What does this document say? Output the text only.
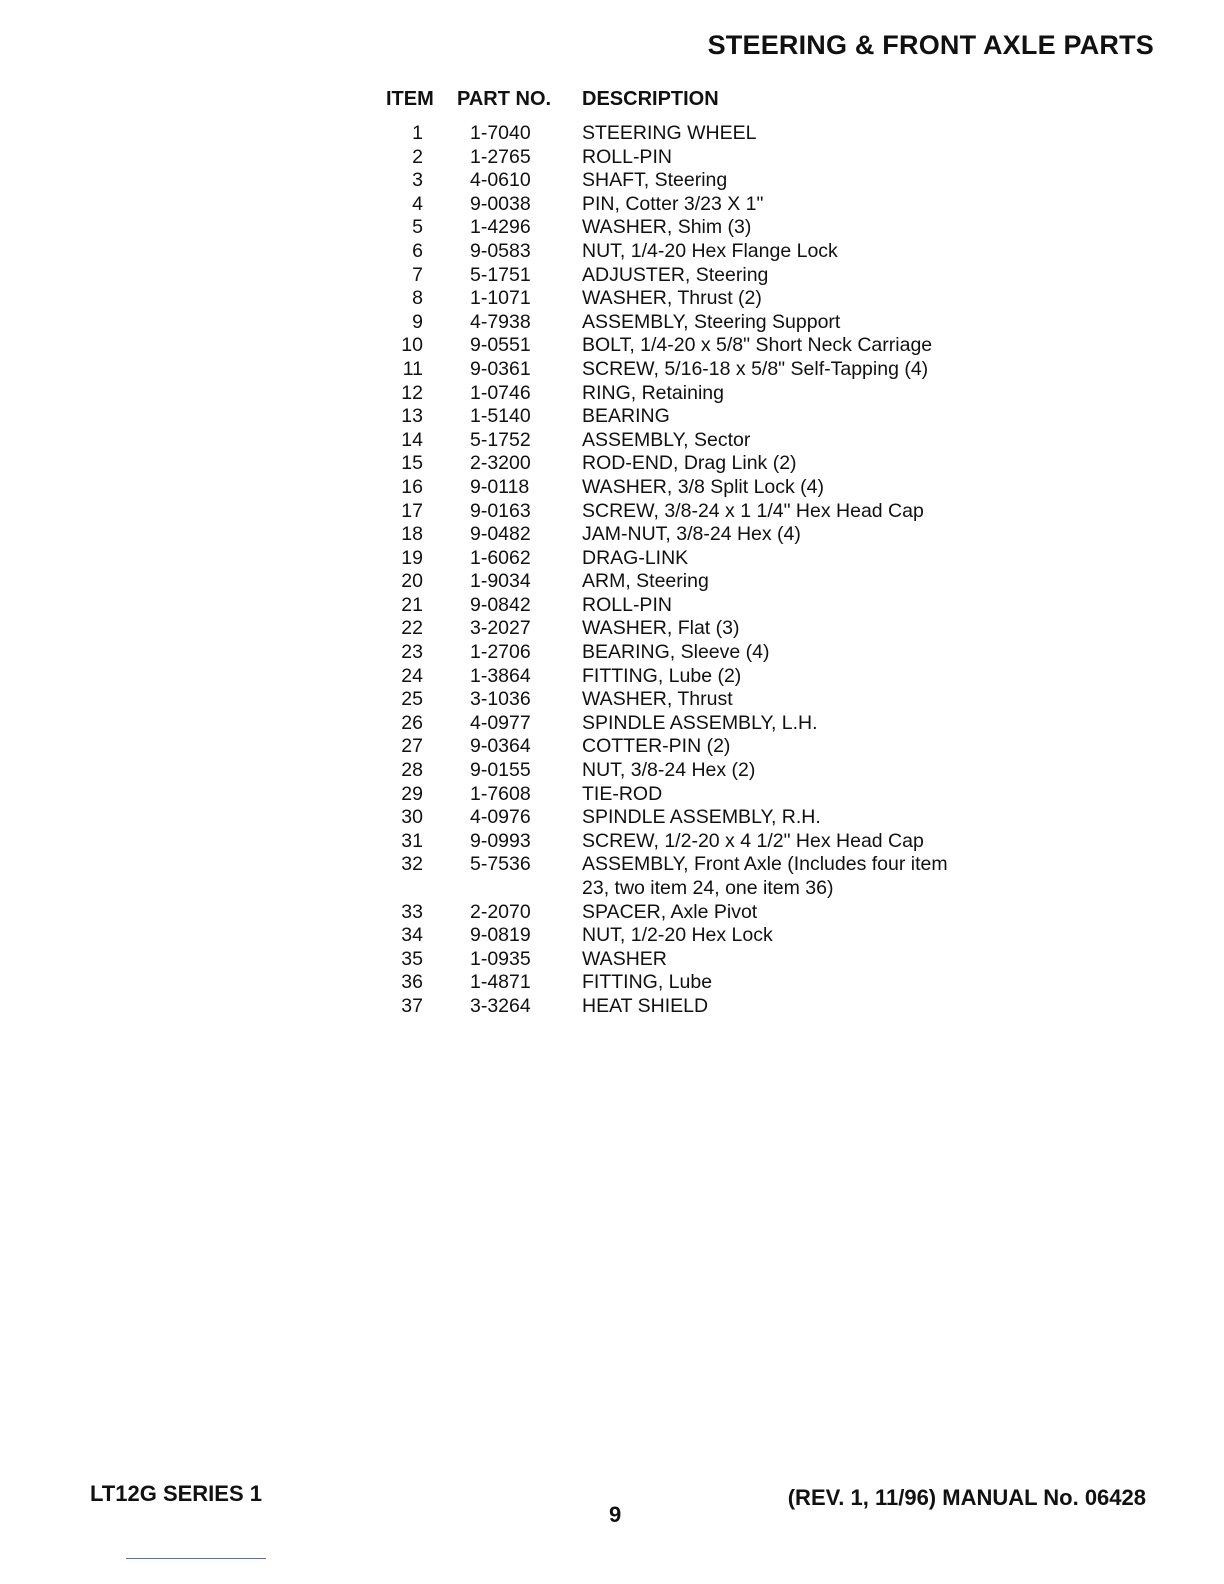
STEERING & FRONT AXLE PARTS
ITEM PART NO. DESCRIPTION
1 1-7040	STEERING WHEEL
2 1-2765	ROLL-PIN
3 4-0610	SHAFT, Steering
4 9-0038	PIN, Cotter 3/23 X 1"
5 1-4296	WASHER, Shim (3)
6 9-0583	NUT, 1/4-20 Hex Flange Lock
7 5-1751	ADJUSTER, Steering
8 1-1071	WASHER, Thrust (2)
9 4-7938	ASSEMBLY, Steering Support
10 9-0551	BOLT, 1/4-20 x 5/8" Short Neck Carriage
11 9-0361	SCREW, 5/16-18 x 5/8" Self-Tapping (4)
12 1-0746	RING, Retaining
13 1-5140	BEARING
14 5-1752	ASSEMBLY, Sector
15 2-3200	ROD-END, Drag Link (2)
16 9-0118	WASHER, 3/8 Split Lock (4)
17 9-0163	SCREW, 3/8-24 x 1 1/4" Hex Head Cap
18 9-0482	JAM-NUT, 3/8-24 Hex (4)
19 1-6062	DRAG-LINK
20 1-9034	ARM, Steering
21 9-0842	ROLL-PIN
22 3-2027	WASHER, Flat (3)
23 1-2706	BEARING, Sleeve (4)
24 1-3864	FITTING, Lube (2)
25 3-1036	WASHER, Thrust
26 4-0977	SPINDLE ASSEMBLY, L.H.
27 9-0364	COTTER-PIN (2)
28 9-0155	NUT, 3/8-24 Hex (2)
29 1-7608	TIE-ROD
30 4-0976	SPINDLE ASSEMBLY, R.H.
31 9-0993	SCREW, 1/2-20 x 4 1/2" Hex Head Cap
32 5-7536	ASSEMBLY, Front Axle (Includes four item 23, two item 24, one item 36)
33 2-2070	SPACER, Axle Pivot
34 9-0819	NUT, 1/2-20 Hex Lock
35 1-0935	WASHER
36 1-4871	FITTING, Lube
37 3-3264	HEAT SHIELD
LT12G SERIES 1
9
(REV. 1, 11/96) MANUAL No. 06428
